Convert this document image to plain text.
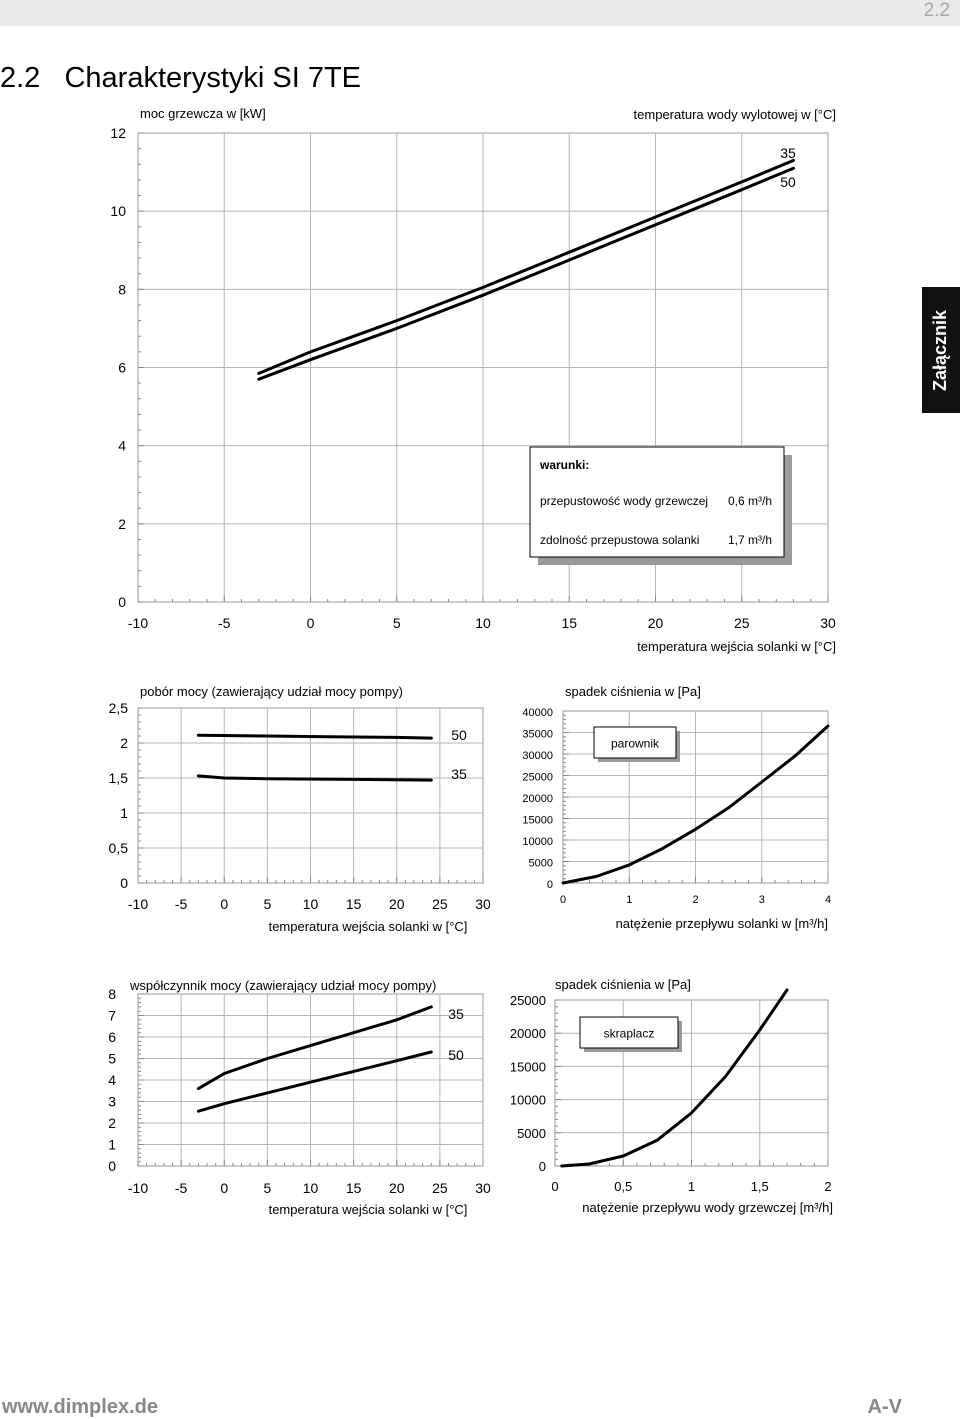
2.2
2.2   Charakterystyki SI 7TE
Załącznik
-10	-5	0	5	10	15	20	25	30
0
2
4
6
8
10
12
moc grzewcza w [kW]	temperatura wody wylotowej w [°C]
temperatura wejścia solanki w [°C]
35
50
warunki:
przepustowość wody grzewczej 0,6 m³/h
zdolność przepustowa solanki 1,7 m³/h
-10 -5 0	5 10 15 20 25 30
0
0,5
1
1,5
2
2,5
pobór mocy (zawierający udział mocy pompy)
temperatura wejścia solanki w [°C]
50
35
0	1	2	3	4
0
5000
10000
15000
20000
25000
30000
35000
40000
spadek ciśnienia w [Pa]
natężenie przepływu solanki w [m³/h]
parownik
-10 -5 0	5 10 15 20 25 30
0
1
2
3
4
5
6
7
8
współczynnik mocy (zawierający udział mocy pompy)
temperatura wejścia solanki w [°C]
35
50
0	0,5	1	1,5	2
0
5000
10000
15000
20000
25000
spadek ciśnienia w [Pa]
natężenie przepływu wody grzewczej [m³/h]
skraplacz
www.dimplex.de	A-V
